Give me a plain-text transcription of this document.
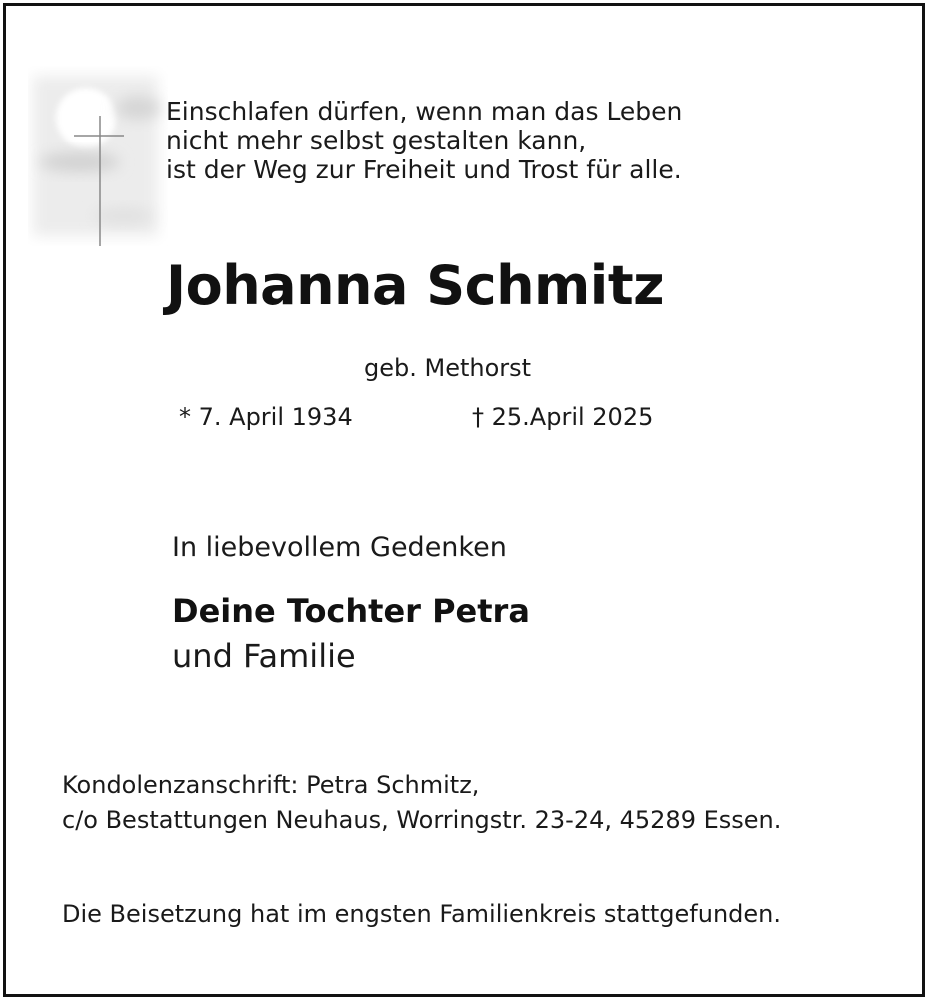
Einschlafen dürfen, wenn man das Leben
nicht mehr selbst gestalten kann,
ist der Weg zur Freiheit und Trost für alle.
Johanna Schmitz
geb. Methorst
* 7. April 1934	† 25.April 2025
In liebevollem Gedenken
Deine Tochter Petra
und Familie
Kondolenzanschrift: Petra Schmitz,
c/o Bestattungen Neuhaus, Worringstr. 23-24, 45289 Essen.
Die Beisetzung hat im engsten Familienkreis stattgefunden.
